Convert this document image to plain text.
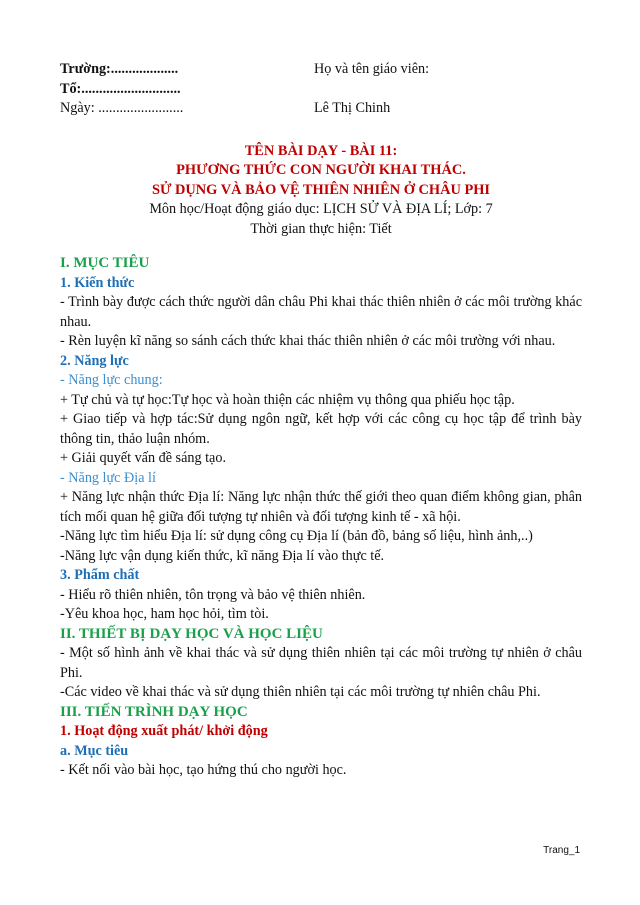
Trường:...................	Họ và tên giáo viên:
Tổ:............................
Ngày: ........................	Lê Thị Chinh

TÊN BÀI DẠY - BÀI 11:

PHƯƠNG THỨC CON NGƯỜI KHAI THÁC.

SỬ DỤNG VÀ BẢO VỆ THIÊN NHIÊN Ở CHÂU PHI

Môn học/Hoạt động giáo dục: LỊCH SỬ VÀ ĐỊA LÍ; Lớp: 7

Thời gian thực hiện: Tiết

I. MỤC TIÊU

1. Kiến thức

- Trình bày được cách thức người dân châu Phi khai thác thiên nhiên ở các môi trường khác nhau.

- Rèn luyện kĩ năng so sánh cách thức khai thác thiên nhiên ở các môi trường với nhau.

2. Năng lực

- Năng lực chung:

+ Tự chủ và tự học:Tự học và hoàn thiện các nhiệm vụ thông qua phiếu học tập.

+ Giao tiếp và hợp tác:Sử dụng ngôn ngữ, kết hợp với các công cụ học tập để trình bày thông tin, thảo luận nhóm.

+ Giải quyết vấn đề sáng tạo.

- Năng lực Địa lí

+ Năng lực nhận thức Địa lí: Năng lực nhận thức thế giới theo quan điểm không gian, phân tích mối quan hệ giữa đối tượng tự nhiên và đối tượng kinh tế - xã hội.

-Năng lực tìm hiểu Địa lí: sử dụng công cụ Địa lí (bản đồ, bảng số liệu, hình ảnh,..)

-Năng lực vận dụng kiến thức, kĩ năng Địa lí vào thực tế.

3. Phẩm chất

- Hiểu rõ thiên nhiên, tôn trọng và bảo vệ thiên nhiên.

-Yêu khoa học, ham học hỏi, tìm tòi.

II. THIẾT BỊ DẠY HỌC VÀ HỌC LIỆU

- Một số hình ảnh về khai thác và sử dụng thiên nhiên tại các môi trường tự nhiên ở châu Phi.

-Các video về khai thác và sử dụng thiên nhiên tại các môi trường tự nhiên châu Phi.

III. TIẾN TRÌNH DẠY HỌC

1. Hoạt động xuất phát/ khởi động

a. Mục tiêu

- Kết nối vào bài học, tạo hứng thú cho người học.

Trang_1
